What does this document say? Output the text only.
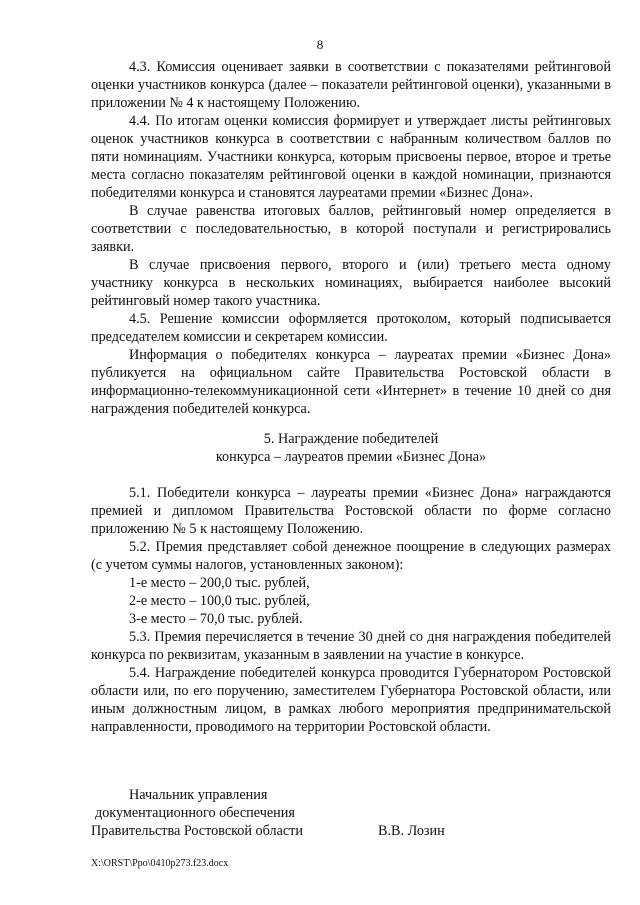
8

4.3. Комиссия оценивает заявки в соответствии с показателями рейтинговой оценки участников конкурса (далее – показатели рейтинговой оценки), указанными в приложении № 4 к настоящему Положению.

4.4. По итогам оценки комиссия формирует и утверждает листы рейтинговых оценок участников конкурса в соответствии с набранным количеством баллов по пяти номинациям. Участники конкурса, которым присвоены первое, второе и третье места согласно показателям рейтинговой оценки в каждой номинации, признаются победителями конкурса и становятся лауреатами премии «Бизнес Дона».

В случае равенства итоговых баллов, рейтинговый номер определяется в соответствии с последовательностью, в которой поступали и регистрировались заявки.

В случае присвоения первого, второго и (или) третьего места одному участнику конкурса в нескольких номинациях, выбирается наиболее высокий рейтинговый номер такого участника.

4.5. Решение комиссии оформляется протоколом, который подписывается председателем комиссии и секретарем комиссии.

Информация о победителях конкурса – лауреатах премии «Бизнес Дона» публикуется на официальном сайте Правительства Ростовской области в информационно-телекоммуникационной сети «Интернет» в течение 10 дней со дня награждения победителей конкурса.

5. Награждение победителей
конкурса – лауреатов премии «Бизнес Дона»

5.1. Победители конкурса – лауреаты премии «Бизнес Дона» награждаются премией и дипломом Правительства Ростовской области по форме согласно приложению № 5 к настоящему Положению.

5.2. Премия представляет собой денежное поощрение в следующих размерах (с учетом суммы налогов, установленных законом):

1-е место – 200,0 тыс. рублей,

2-е место – 100,0 тыс. рублей,

3-е место – 70,0 тыс. рублей.

5.3. Премия перечисляется в течение 30 дней со дня награждения победителей конкурса по реквизитам, указанным в заявлении на участие в конкурсе.

5.4. Награждение победителей конкурса проводится Губернатором Ростовской области или, по его поручению, заместителем Губернатора Ростовской области, или иным должностным лицом, в рамках любого мероприятия предпринимательской направленности, проводимого на территории Ростовской области.

Начальник управления
документационного обеспечения
Правительства Ростовской области	В.В. Лозин
X:\ORST\Ppo\0410p273.f23.docx
